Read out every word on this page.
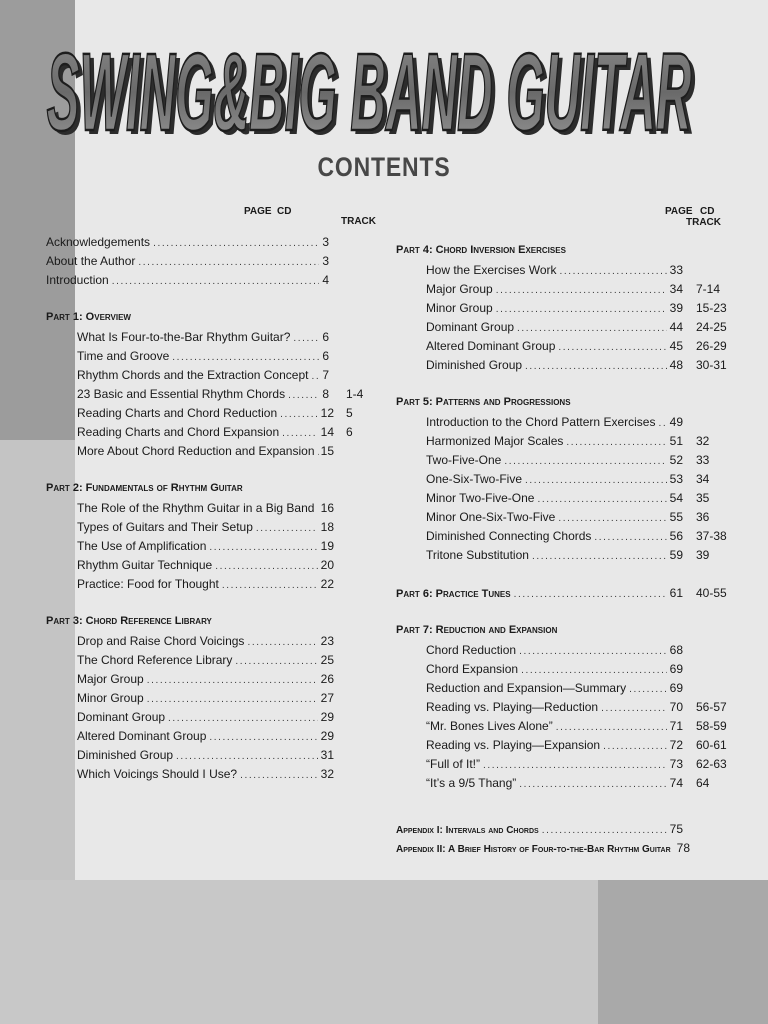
SWING&BIG BAND GUITAR
SWING&BIG BAND GUITAR
CONTENTS
PAGE CD
TRACK
PAGE CD
TRACK
Acknowledgements .....	3
About the Author .....	3
Introduction .....	4
Part 1: Overview
What Is Four-to-the-Bar Rhythm Guitar? .....	6
Time and Groove .....	6
Rhythm Chords and the Extraction Concept ..... 7
23 Basic and Essential Rhythm Chords .....	8 1-4
Reading Charts and Chord Reduction .....	12 5
Reading Charts and Chord Expansion .....	14 6
More About Chord Reduction and Expansion ..... 15
Part 2: Fundamentals of Rhythm Guitar
The Role of the Rhythm Guitar in a Big Band ..... 16
Types of Guitars and Their Setup .....	18
The Use of Amplification .....	19
Rhythm Guitar Technique .....	20
Practice: Food for Thought .....	22
Part 3: Chord Reference Library
Drop and Raise Chord Voicings .....	23
The Chord Reference Library .....	25
Major Group .....	26
Minor Group .....	27
Dominant Group .....	29
Altered Dominant Group .....	29
Diminished Group .....	31
Which Voicings Should I Use? .....	32
Part 4: Chord Inversion Exercises
How the Exercises Work .....	33
Major Group .....	34 7-14
Minor Group .....	39 15-23
Dominant Group .....	44 24-25
Altered Dominant Group .....	45 26-29
Diminished Group .....	48 30-31
Part 5: Patterns and Progressions
Introduction to the Chord Pattern Exercises ..... 49
Harmonized Major Scales .....	51 32
Two-Five-One .....	52 33
One-Six-Two-Five .....	53 34
Minor Two-Five-One .....	54 35
Minor One-Six-Two-Five .....	55 36
Diminished Connecting Chords .....	56 37-38
Tritone Substitution .....	59 39
Part 6: Practice Tunes .....	61 40-55
Part 7: Reduction and Expansion
Chord Reduction .....	68
Chord Expansion .....	69
Reduction and Expansion—Summary .....	69
Reading vs. Playing—Reduction .....	70 56-57
“Mr. Bones Lives Alone” .....	71 58-59
Reading vs. Playing—Expansion .....	72 60-61
“Full of It!” .....	73 62-63
“It’s a 9/5 Thang” .....	74 64
Appendix I: Intervals and Chords .....	75
Appendix II: A Brief History of Four-to-the-Bar Rhythm Guitar 78
